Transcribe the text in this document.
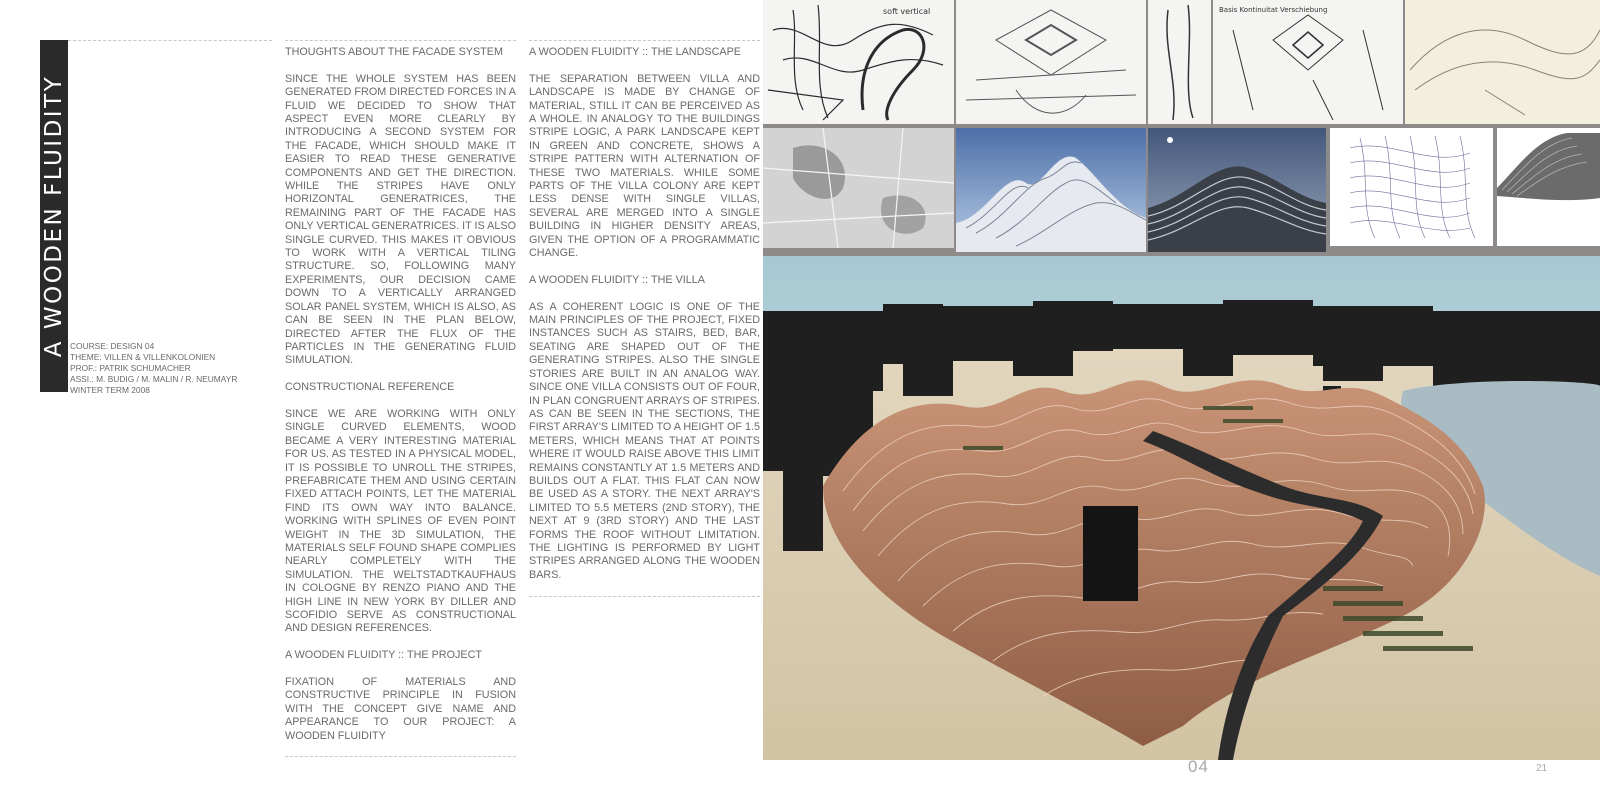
A WOODEN FLUIDITY COURSE: DESIGN 04
THEME: VILLEN & VILLENKOLONIEN
PROF.: PATRIK SCHUMACHER
ASSI.: M. BUDIG / M. MALIN / R. NEUMAYR
WINTER TERM 2008
THOUGHTS ABOUT THE FACADE SYSTEM

SINCE THE WHOLE SYSTEM HAS BEEN GENERATED FROM DIRECTED FORCES IN A FLUID WE DECIDED TO SHOW THAT ASPECT EVEN MORE CLEARLY BY INTRODUCING A SECOND SYSTEM FOR THE FACADE, WHICH SHOULD MAKE IT EASIER TO READ THESE GENERATIVE COMPONENTS AND GET THE DIRECTION. WHILE THE STRIPES HAVE ONLY HORIZONTAL GENERATRICES, THE REMAINING PART OF THE FACADE HAS ONLY VERTICAL GENERATRICES. IT IS ALSO SINGLE CURVED. THIS MAKES IT OBVIOUS TO WORK WITH A VERTICAL TILING STRUCTURE. SO, FOLLOWING MANY EXPERIMENTS, OUR DECISION CAME DOWN TO A VERTICALLY ARRANGED SOLAR PANEL SYSTEM, WHICH IS ALSO, AS CAN BE SEEN IN THE PLAN BELOW, DIRECTED AFTER THE FLUX OF THE PARTICLES IN THE GENERATING FLUID SIMULATION.

CONSTRUCTIONAL REFERENCE

SINCE WE ARE WORKING WITH ONLY SINGLE CURVED ELEMENTS, WOOD BECAME A VERY INTERESTING MATERIAL FOR US. AS TESTED IN A PHYSICAL MODEL, IT IS POSSIBLE TO UNROLL THE STRIPES, PREFABRICATE THEM AND USING CERTAIN FIXED ATTACH POINTS, LET THE MATERIAL FIND ITS OWN WAY INTO BALANCE. WORKING WITH SPLINES OF EVEN POINT WEIGHT IN THE 3D SIMULATION, THE MATERIALS SELF FOUND SHAPE COMPLIES NEARLY COMPLETELY WITH THE SIMULATION. THE WELTSTADTKAUFHAUS IN COLOGNE BY RENZO PIANO AND THE HIGH LINE IN NEW YORK BY DILLER AND SCOFIDIO SERVE AS CONSTRUCTIONAL AND DESIGN REFERENCES.

A WOODEN FLUIDITY :: THE PROJECT

FIXATION OF MATERIALS AND CONSTRUCTIVE PRINCIPLE IN FUSION WITH THE CONCEPT GIVE NAME AND APPEARANCE TO OUR PROJECT: A WOODEN FLUIDITY

A WOODEN FLUIDITY :: THE LANDSCAPE

THE SEPARATION BETWEEN VILLA AND LANDSCAPE IS MADE BY CHANGE OF MATERIAL, STILL IT CAN BE PERCEIVED AS A WHOLE. IN ANALOGY TO THE BUILDINGS STRIPE LOGIC, A PARK LANDSCAPE KEPT IN GREEN AND CONCRETE, SHOWS A STRIPE PATTERN WITH ALTERNATION OF THESE TWO MATERIALS. WHILE SOME PARTS OF THE VILLA COLONY ARE KEPT LESS DENSE WITH SINGLE VILLAS, SEVERAL ARE MERGED INTO A SINGLE BUILDING IN HIGHER DENSITY AREAS, GIVEN THE OPTION OF A PROGRAMMATIC CHANGE.

A WOODEN FLUIDITY :: THE VILLA

AS A COHERENT LOGIC IS ONE OF THE MAIN PRINCIPLES OF THE PROJECT, FIXED INSTANCES SUCH AS STAIRS, BED, BAR, SEATING ARE SHAPED OUT OF THE GENERATING STRIPES. ALSO THE SINGLE STORIES ARE BUILT IN AN ANALOG WAY. SINCE ONE VILLA CONSISTS OUT OF FOUR, IN PLAN CONGRUENT ARRAYS OF STRIPES. AS CAN BE SEEN IN THE SECTIONS, THE FIRST ARRAY'S LIMITED TO A HEIGHT OF 1.5 METERS, WHICH MEANS THAT AT POINTS WHERE IT WOULD RAISE ABOVE THIS LIMIT REMAINS CONSTANTLY AT 1.5 METERS AND BUILDS OUT A FLAT. THIS FLAT CAN NOW BE USED AS A STORY. THE NEXT ARRAY'S LIMITED TO 5.5 METERS (2ND STORY), THE NEXT AT 9 (3RD STORY) AND THE LAST FORMS THE ROOF WITHOUT LIMITATION. THE LIGHTING IS PERFORMED BY LIGHT STRIPES ARRANGED ALONG THE WOODEN BARS.

soft vertical	Basis Kontinuitat Verschiebung
04	21
